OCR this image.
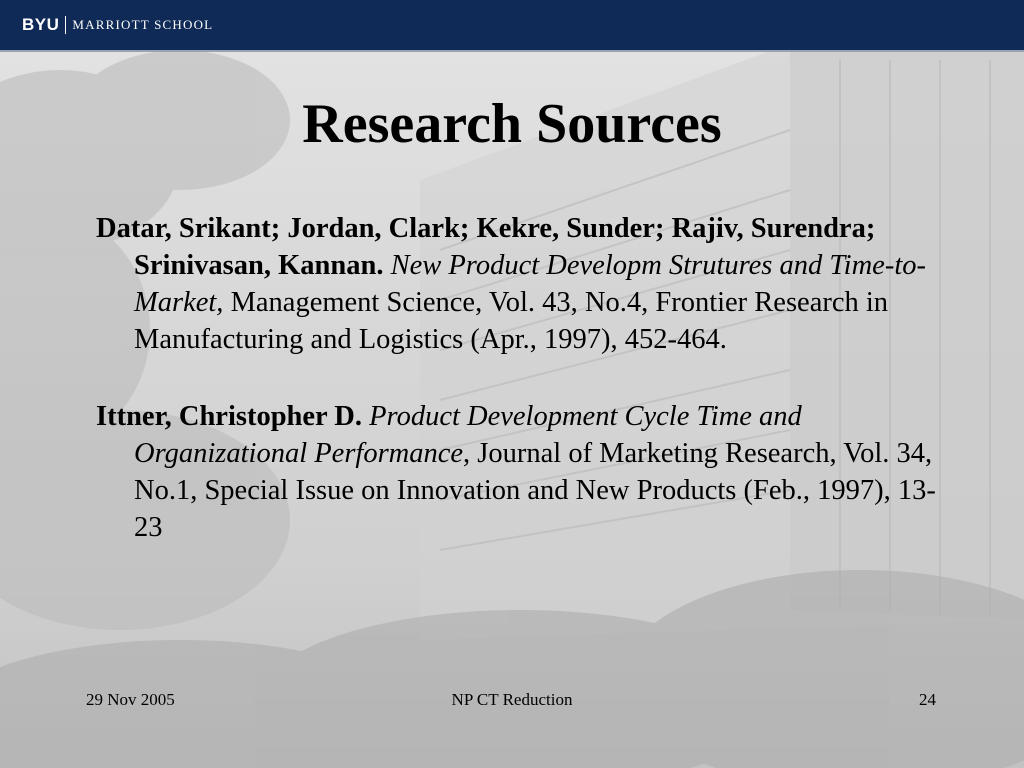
BYU MARRIOTT SCHOOL
Research Sources

Datar, Srikant; Jordan, Clark; Kekre, Sunder; Rajiv, Surendra; Srinivasan, Kannan. New Product Developm Strutures and Time-to-Market, Management Science, Vol. 43, No.4, Frontier Research in Manufacturing and Logistics (Apr., 1997), 452-464.

Ittner, Christopher D. Product Development Cycle Time and Organizational Performance, Journal of Marketing Research, Vol. 34, No.1, Special Issue on Innovation and New Products (Feb., 1997), 13-23

29 Nov 2005	NP CT Reduction	24
